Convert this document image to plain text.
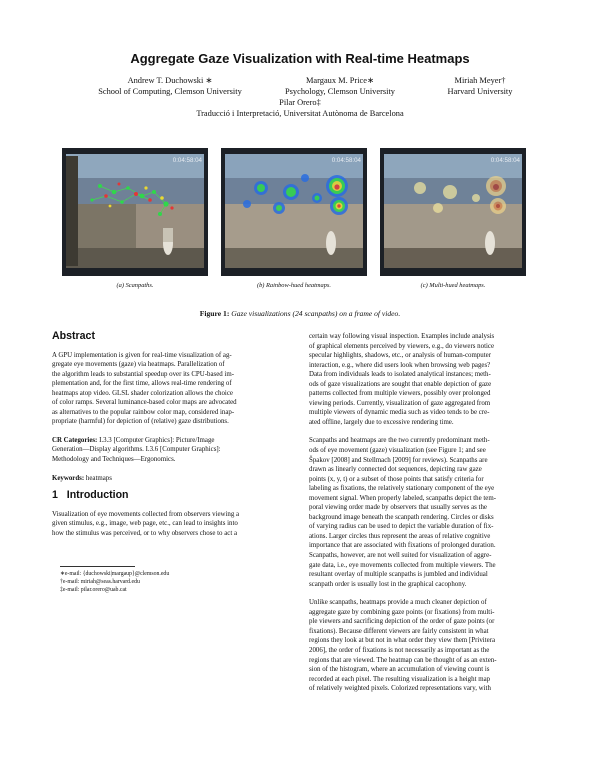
Aggregate Gaze Visualization with Real-time Heatmaps
Andrew T. Duchowski ∗
School of Computing, Clemson University
Margaux M. Price∗
Psychology, Clemson University
Miriah Meyer†
Harvard University
Pilar Orero‡
Traducció i Interpretació, Universitat Autònoma de Barcelona
0:04:58:04	0:04:58:04	0:04:58:04
(a) Scanpaths.	(b) Rainbow-hued heatmaps.	(c) Multi-hued heatmaps.
Figure 1: Gaze visualizations (24 scanpaths) on a frame of video.
Abstract
A GPU implementation is given for real-time visualization of ag-
gregate eye movements (gaze) via heatmaps. Parallelization of
the algorithm leads to substantial speedup over its CPU-based im-
plementation and, for the first time, allows real-time rendering of
heatmaps atop video. GLSL shader colorization allows the choice
of color ramps. Several luminance-based color maps are advocated
as alternatives to the popular rainbow color map, considered inap-
propriate (harmful) for depiction of (relative) gaze distributions.
CR Categories: I.3.3 [Computer Graphics]: Picture/Image
Generation—Display algorithms. I.3.6 [Computer Graphics]:
Methodology and Techniques—Ergonomics.
Keywords: heatmaps
1 Introduction
Visualization of eye movements collected from observers viewing a
given stimulus, e.g., image, web page, etc., can lead to insights into
how the stimulus was perceived, or to why observers chose to act a
∗e-mail: {duchowski|margaup}@clemson.edu
†e-mail: miriah@seas.harvard.edu
‡e-mail: pilar.orero@uab.cat
certain way following visual inspection. Examples include analysis
of graphical elements perceived by viewers, e.g., do viewers notice
specular highlights, shadows, etc., or analysis of human-computer
interaction, e.g., where did users look when browsing web pages?
Data from individuals leads to isolated analytical instances; meth-
ods of gaze visualizations are sought that enable depiction of gaze
patterns collected from multiple viewers, possibly over prolonged
viewing periods. Currently, visualization of gaze aggregated from
multiple viewers of dynamic media such as video tends to be cre-
ated offline, largely due to excessive rendering time.
Scanpaths and heatmaps are the two currently predominant meth-
ods of eye movement (gaze) visualization (see Figure 1; and see
Špakov [2008] and Stellmach [2009] for reviews). Scanpaths are
drawn as linearly connected dot sequences, depicting raw gaze
points (x, y, t) or a subset of those points that satisfy criteria for
labeling as fixations, the relatively stationary component of the eye
movement signal. When properly labeled, scanpaths depict the tem-
poral viewing order made by observers that usually serves as the
background image beneath the scanpath rendering. Circles or disks
of varying radius can be used to depict the variable duration of fix-
ations. Larger circles thus represent the areas of relative cognitive
importance that are associated with fixations of prolonged duration.
Scanpaths, however, are not well suited for visualization of aggre-
gate data, i.e., eye movements collected from multiple viewers. The
resultant overlay of multiple scanpaths is jumbled and individual
scanpath order is usually lost in the graphical cacophony.
Unlike scanpaths, heatmaps provide a much cleaner depiction of
aggregate gaze by combining gaze points (or fixations) from multi-
ple viewers and sacrificing depiction of the order of gaze points (or
fixations). Because different viewers are fairly consistent in what
regions they look at but not in what order they view them [Privitera
2006], the order of fixations is not necessarily as important as the
regions that are viewed. The heatmap can be thought of as an exten-
sion of the histogram, where an accumulation of viewing count is
recorded at each pixel. The resulting visualization is a height map
of relatively weighted pixels. Colorized representations vary, with
